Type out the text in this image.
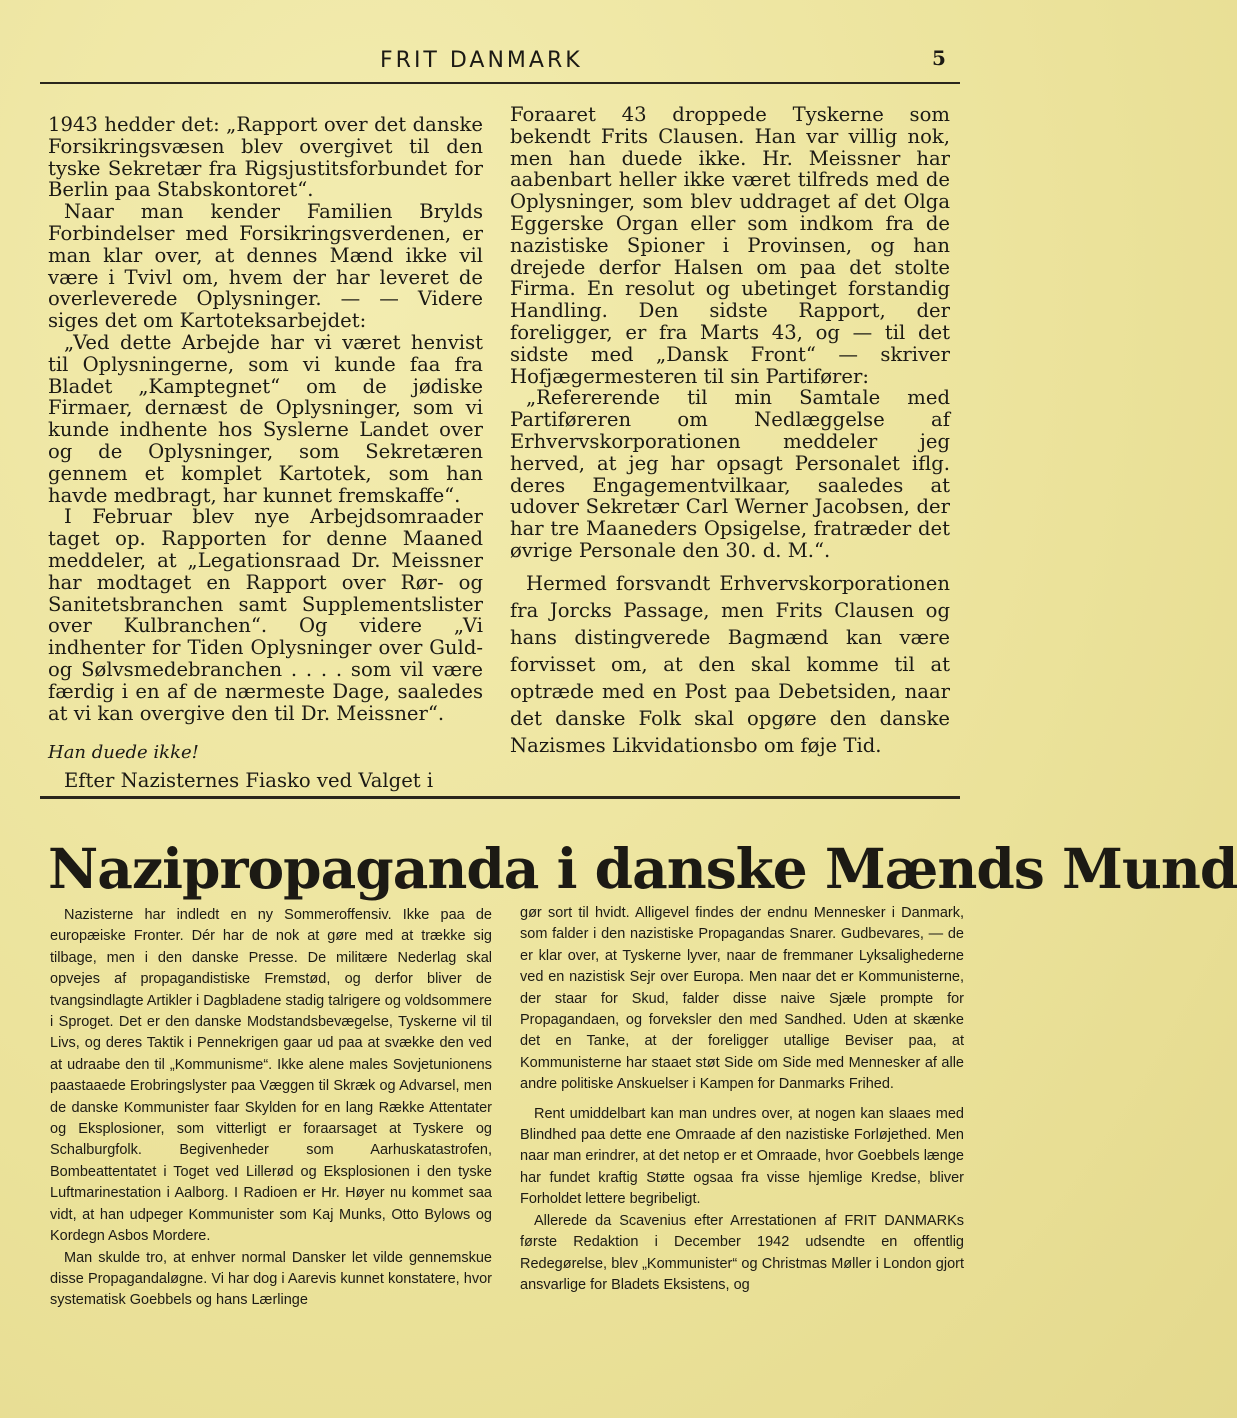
FRIT DANMARK	5

1943 hedder det: „Rapport over det danske Forsikringsvæsen blev overgivet til den tyske Sekretær fra Rigsjustitsforbundet for Berlin paa Stabskontoret“.

Naar man kender Familien Brylds Forbindelser med Forsikringsverdenen, er man klar over, at dennes Mænd ikke vil være i Tvivl om, hvem der har leveret de overleverede Oplysninger. — — Videre siges det om Kartoteksarbejdet:

„Ved dette Arbejde har vi været henvist til Oplysningerne, som vi kunde faa fra Bladet „Kamptegnet“ om de jødiske Firmaer, dernæst de Oplysninger, som vi kunde indhente hos Syslerne Landet over og de Oplysninger, som Sekretæren gennem et komplet Kartotek, som han havde medbragt, har kunnet fremskaffe“.

I Februar blev nye Arbejdsomraader taget op. Rapporten for denne Maaned meddeler, at „Legationsraad Dr. Meissner har modtaget en Rapport over Rør- og Sanitetsbranchen samt Supplementslister over Kulbranchen“. Og videre „Vi indhenter for Tiden Oplysninger over Guld- og Sølvsmedebranchen . . . . som vil være færdig i en af de nærmeste Dage, saaledes at vi kan overgive den til Dr. Meissner“.

Han duede ikke!

Efter Nazisternes Fiasko ved Valget i

Foraaret 43 droppede Tyskerne som bekendt Frits Clausen. Han var villig nok, men han duede ikke. Hr. Meissner har aabenbart heller ikke været tilfreds med de Oplysninger, som blev uddraget af det Olga Eggerske Organ eller som indkom fra de nazistiske Spioner i Provinsen, og han drejede derfor Halsen om paa det stolte Firma. En resolut og ubetinget forstandig Handling. Den sidste Rapport, der foreligger, er fra Marts 43, og — til det sidste med „Dansk Front“ — skriver Hofjægermesteren til sin Partifører:

„Refererende til min Samtale med Partiføreren om Nedlæggelse af Erhvervskorporationen meddeler jeg herved, at jeg har opsagt Personalet iflg. deres Engagementvilkaar, saaledes at udover Sekretær Carl Werner Jacobsen, der har tre Maaneders Opsigelse, fratræder det øvrige Personale den 30. d. M.“.

Hermed forsvandt Erhvervskorporationen fra Jorcks Passage, men Frits Clausen og hans distingverede Bagmænd kan være forvisset om, at den skal komme til at optræde med en Post paa Debetsiden, naar det danske Folk skal opgøre den danske Nazismes Likvidationsbo om føje Tid.

Nazipropaganda i danske Mænds Mund

Nazisterne har indledt en ny Sommeroffensiv. Ikke paa de europæiske Fronter. Dér har de nok at gøre med at trække sig tilbage, men i den danske Presse. De militære Nederlag skal opvejes af propagandistiske Fremstød, og derfor bliver de tvangsindlagte Artikler i Dagbladene stadig talrigere og voldsommere i Sproget. Det er den danske Modstandsbevægelse, Tyskerne vil til Livs, og deres Taktik i Pennekrigen gaar ud paa at svække den ved at udraabe den til „Kommunisme“. Ikke alene males Sovjetunionens paastaaede Erobringslyster paa Væggen til Skræk og Advarsel, men de danske Kommunister faar Skylden for en lang Række Attentater og Eksplosioner, som vitterligt er foraarsaget at Tyskere og Schalburgfolk. Begivenheder som Aarhuskatastrofen, Bombeattentatet i Toget ved Lillerød og Eksplosionen i den tyske Luftmarinestation i Aalborg. I Radioen er Hr. Høyer nu kommet saa vidt, at han udpeger Kommunister som Kaj Munks, Otto Bylows og Kordegn Asbos Mordere.

Man skulde tro, at enhver normal Dansker let vilde gennemskue disse Propagandaløgne. Vi har dog i Aarevis kunnet konstatere, hvor systematisk Goebbels og hans Lærlinge

gør sort til hvidt. Alligevel findes der endnu Mennesker i Danmark, som falder i den nazistiske Propagandas Snarer. Gudbevares, — de er klar over, at Tyskerne lyver, naar de fremmaner Lyksalighederne ved en nazistisk Sejr over Europa. Men naar det er Kommunisterne, der staar for Skud, falder disse naive Sjæle prompte for Propagandaen, og forveksler den med Sandhed. Uden at skænke det en Tanke, at der foreligger utallige Beviser paa, at Kommunisterne har staaet støt Side om Side med Mennesker af alle andre politiske Anskuelser i Kampen for Danmarks Frihed.

Rent umiddelbart kan man undres over, at nogen kan slaaes med Blindhed paa dette ene Omraade af den nazistiske Forløjethed. Men naar man erindrer, at det netop er et Omraade, hvor Goebbels længe har fundet kraftig Støtte ogsaa fra visse hjemlige Kredse, bliver Forholdet lettere begribeligt.

Allerede da Scavenius efter Arrestationen af FRIT DANMARKs første Redaktion i December 1942 udsendte en offentlig Redegørelse, blev „Kommunister“ og Christmas Møller i London gjort ansvarlige for Bladets Eksistens, og
